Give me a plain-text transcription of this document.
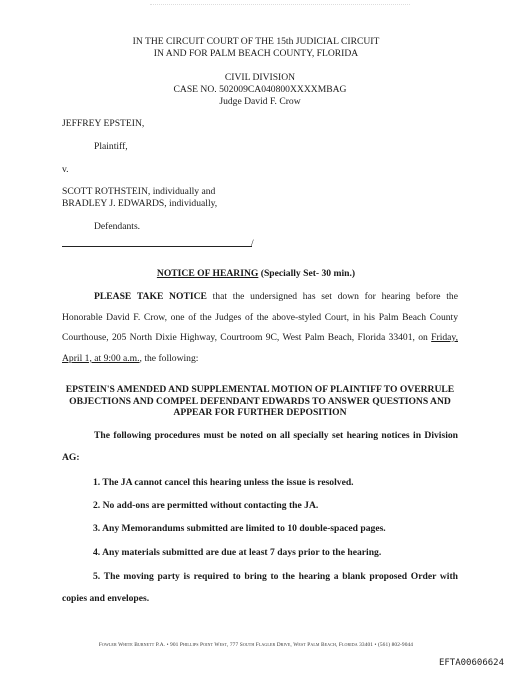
IN THE CIRCUIT COURT OF THE 15th JUDICIAL CIRCUIT
IN AND FOR PALM BEACH COUNTY, FLORIDA
CIVIL DIVISION
CASE NO. 502009CA040800XXXXMBAG
Judge David F. Crow
JEFFREY EPSTEIN,
Plaintiff,
v.
SCOTT ROTHSTEIN, individually and
BRADLEY J. EDWARDS, individually,
Defendants.
/
NOTICE OF HEARING (Specially Set- 30 min.)
PLEASE TAKE NOTICE that the undersigned has set down for hearing before the Honorable David F. Crow, one of the Judges of the above-styled Court, in his Palm Beach County Courthouse, 205 North Dixie Highway, Courtroom 9C, West Palm Beach, Florida 33401, on Friday, April 1, at 9:00 a.m., the following:
EPSTEIN'S AMENDED AND SUPPLEMENTAL MOTION OF PLAINTIFF TO OVERRULE OBJECTIONS AND COMPEL DEFENDANT EDWARDS TO ANSWER QUESTIONS AND APPEAR FOR FURTHER DEPOSITION
The following procedures must be noted on all specially set hearing notices in Division AG:
1. The JA cannot cancel this hearing unless the issue is resolved.
2. No add-ons are permitted without contacting the JA.
3. Any Memorandums submitted are limited to 10 double-spaced pages.
4. Any materials submitted are due at least 7 days prior to the hearing.
5. The moving party is required to bring to the hearing a blank proposed Order with copies and envelopes.
Fowler White Burnett P.A. • 901 Phillips Point West, 777 South Flagler Drive, West Palm Beach, Florida 33401 • (561) 802-9044
EFTA00606624
